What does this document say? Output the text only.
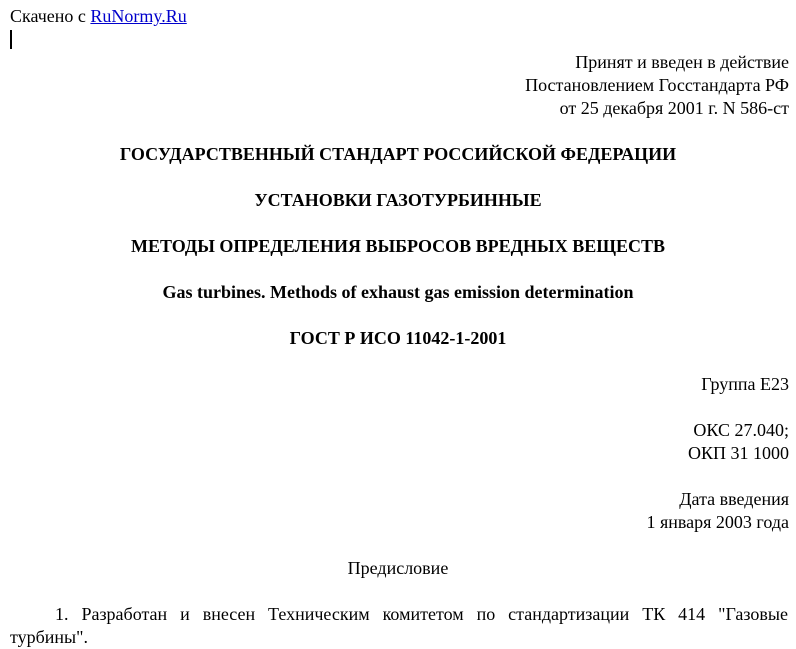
Скачено с RuNormy.Ru
Принят и введен в действие
Постановлением Госстандарта РФ
от 25 декабря 2001 г. N 586-ст
ГОСУДАРСТВЕННЫЙ СТАНДАРТ РОССИЙСКОЙ ФЕДЕРАЦИИ
УСТАНОВКИ ГАЗОТУРБИННЫЕ
МЕТОДЫ ОПРЕДЕЛЕНИЯ ВЫБРОСОВ ВРЕДНЫХ ВЕЩЕСТВ
Gas turbines. Methods of exhaust gas emission determination
ГОСТ Р ИСО 11042-1-2001
Группа Е23
ОКС 27.040;
ОКП 31 1000
Дата введения
1 января 2003 года
Предисловие
1. Разработан и внесен Техническим комитетом по стандартизации ТК 414 "Газовые
турбины".
